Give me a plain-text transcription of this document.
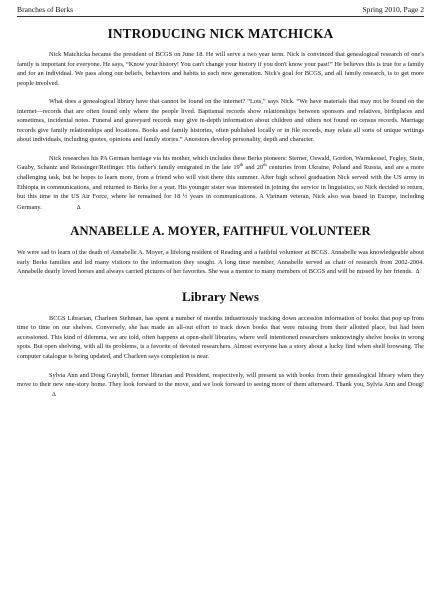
Branches of Berks	Spring 2010, Page 2
INTRODUCING NICK MATCHICKA

Nick Matchicka became the president of BCGS on June 18. He will serve a two year term. Nick is convinced that genealogical research of one's family is important for everyone. He says, “Know your history! You can't change your history if you don't know your past!” He believes this is true for a family and for an individual. We pass along our beliefs, behaviors and habits to each new generation. Nick's goal for BCGS, and all family research, is to get more people involved.

What does a genealogical library have that cannot be found on the internet? “Lots,” says Nick. “We have materials that may not be found on the internet—records that are often found only where the people lived. Baptismal records show relationships between sponsors and relatives, birthplaces and sometimes, incidental notes. Funeral and graveyard records may give in-depth information about children and others not found on census records. Marriage records give family relationships and locations. Books and family histories, often published locally or in file records, may relate all sorts of unique writings about individuals, including quotes, opinions and family stories.” Ancestors develop personality, depth and character.

Nick researches his PA German heritage via his mother, which includes these Berks pioneers: Sterner, Oswald, Gordon, Warmkessel, Fegley, Stein, Gauby, Schantz and Reissinger/Reifinger. His father's family emigrated in the late 19th and 20th centuries from Ukraine, Poland and Russia, and are a more challenging task, but he hopes to learn more, from a friend who will visit there this summer. After high school graduation Nick served with the US army in Ethiopia in communications, and returned to Berks for a year. His younger sister was interested in joining the service in linguistics, so Nick decided to return, but this time in the US Air Force, where he remained for 18 ½ years in communications. A Vietnam veteran, Nick also was based in Europe, including Germany.	Δ

ANNABELLE A. MOYER, FAITHFUL VOLUNTEER

We were sad to learn of the death of Annabelle A. Moyer, a lifelong resident of Reading and a faithful volunteer at BCGS. Annabelle was knowledgeable about early Berks families and led many visitors to the information they sought. A long time member, Annabelle served as chair of research from 2002-2004. Annabelle dearly loved horses and always carried pictures of her favorites. She was a mentor to many members of BCGS and will be missed by her friends. Δ

Library News

BCGS Librarian, Charleen Stehman, has spent a number of months industriously tracking down accession information of books that pop up from time to time on our shelves. Conversely, she has made an all-out effort to track down books that were missing from their allotted place, but had been accessioned. This kind of dilemma, we are told, often happens at open-shelf libraries, where well intentioned researchers unknowingly shelve books in wrong spots. But open shelving, with all its problems, is a favorite of devoted researchers. Almost everyone has a story about a lucky find when shelf browsing. The computer catalogue is being updated, and Charleen says completion is near.

Sylvia Ann and Doug Graybill, former librarian and President, respectively, will present us with books from their genealogical library when they move to their new one-story home. They look forward to the move, and we look forward to seeing more of them afterward. Thank you, Sylvia Ann and Doug!Δ
